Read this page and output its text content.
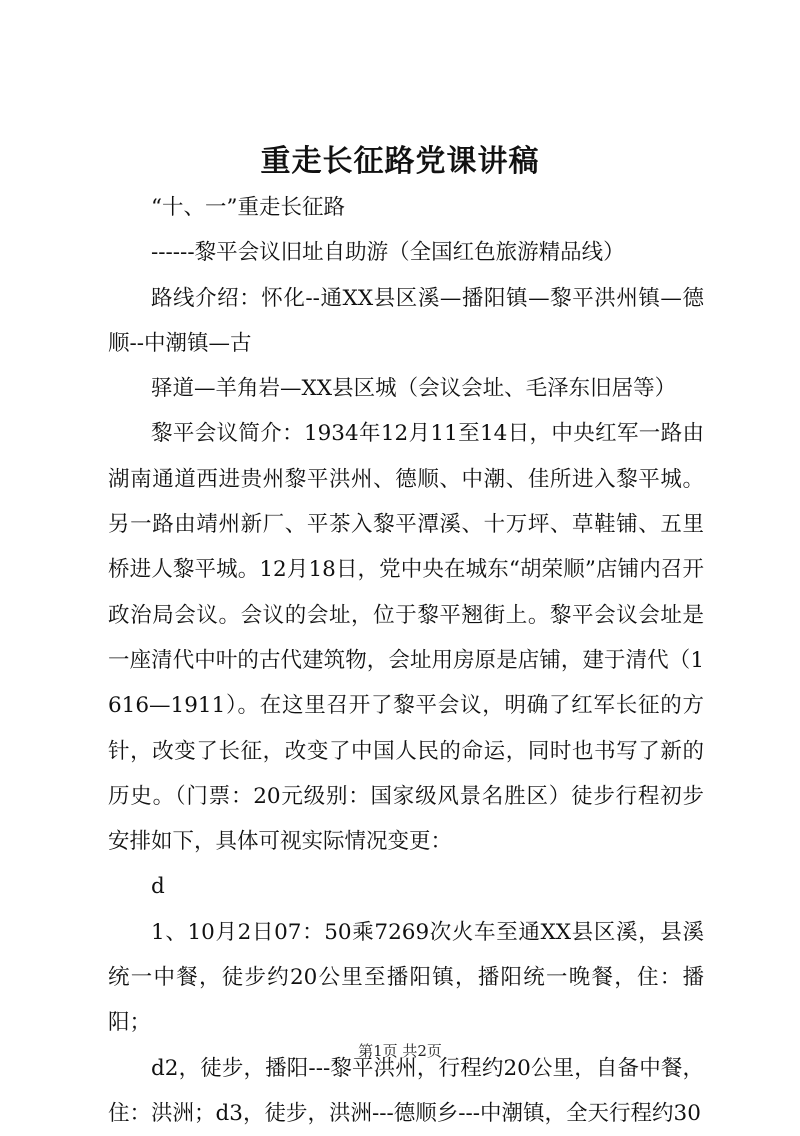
重走长征路党课讲稿

“十、一”重走长征路

------黎平会议旧址自助游（全国红色旅游精品线）

路线介绍：怀化--通XX县区溪—播阳镇—黎平洪州镇—德顺--中潮镇—古

驿道—羊角岩—XX县区城（会议会址、毛泽东旧居等）

黎平会议简介：1934年12月11至14日，中央红军一路由湖南通道西进贵州黎平洪州、德顺、中潮、佳所进入黎平城。另一路由靖州新厂、平茶入黎平潭溪、十万坪、草鞋铺、五里桥进人黎平城。12月18日，党中央在城东“胡荣顺”店铺内召开政治局会议。会议的会址，位于黎平翘街上。黎平会议会址是一座清代中叶的古代建筑物，会址用房原是店铺，建于清代（1616—1911）。在这里召开了黎平会议，明确了红军长征的方针，改变了长征，改变了中国人民的命运，同时也书写了新的历史。（门票：20元级别：国家级风景名胜区）徒步行程初步安排如下，具体可视实际情况变更：

d

1、10月2日07：50乘7269次火车至通XX县区溪，县溪统一中餐，徒步约20公里至播阳镇，播阳统一晚餐，住：播阳；

d2，徒步，播阳---黎平洪州，行程约20公里，自备中餐，住：洪洲；d3，徒步，洪洲---德顺乡---中潮镇，全天行程约30

第1页 共2页
